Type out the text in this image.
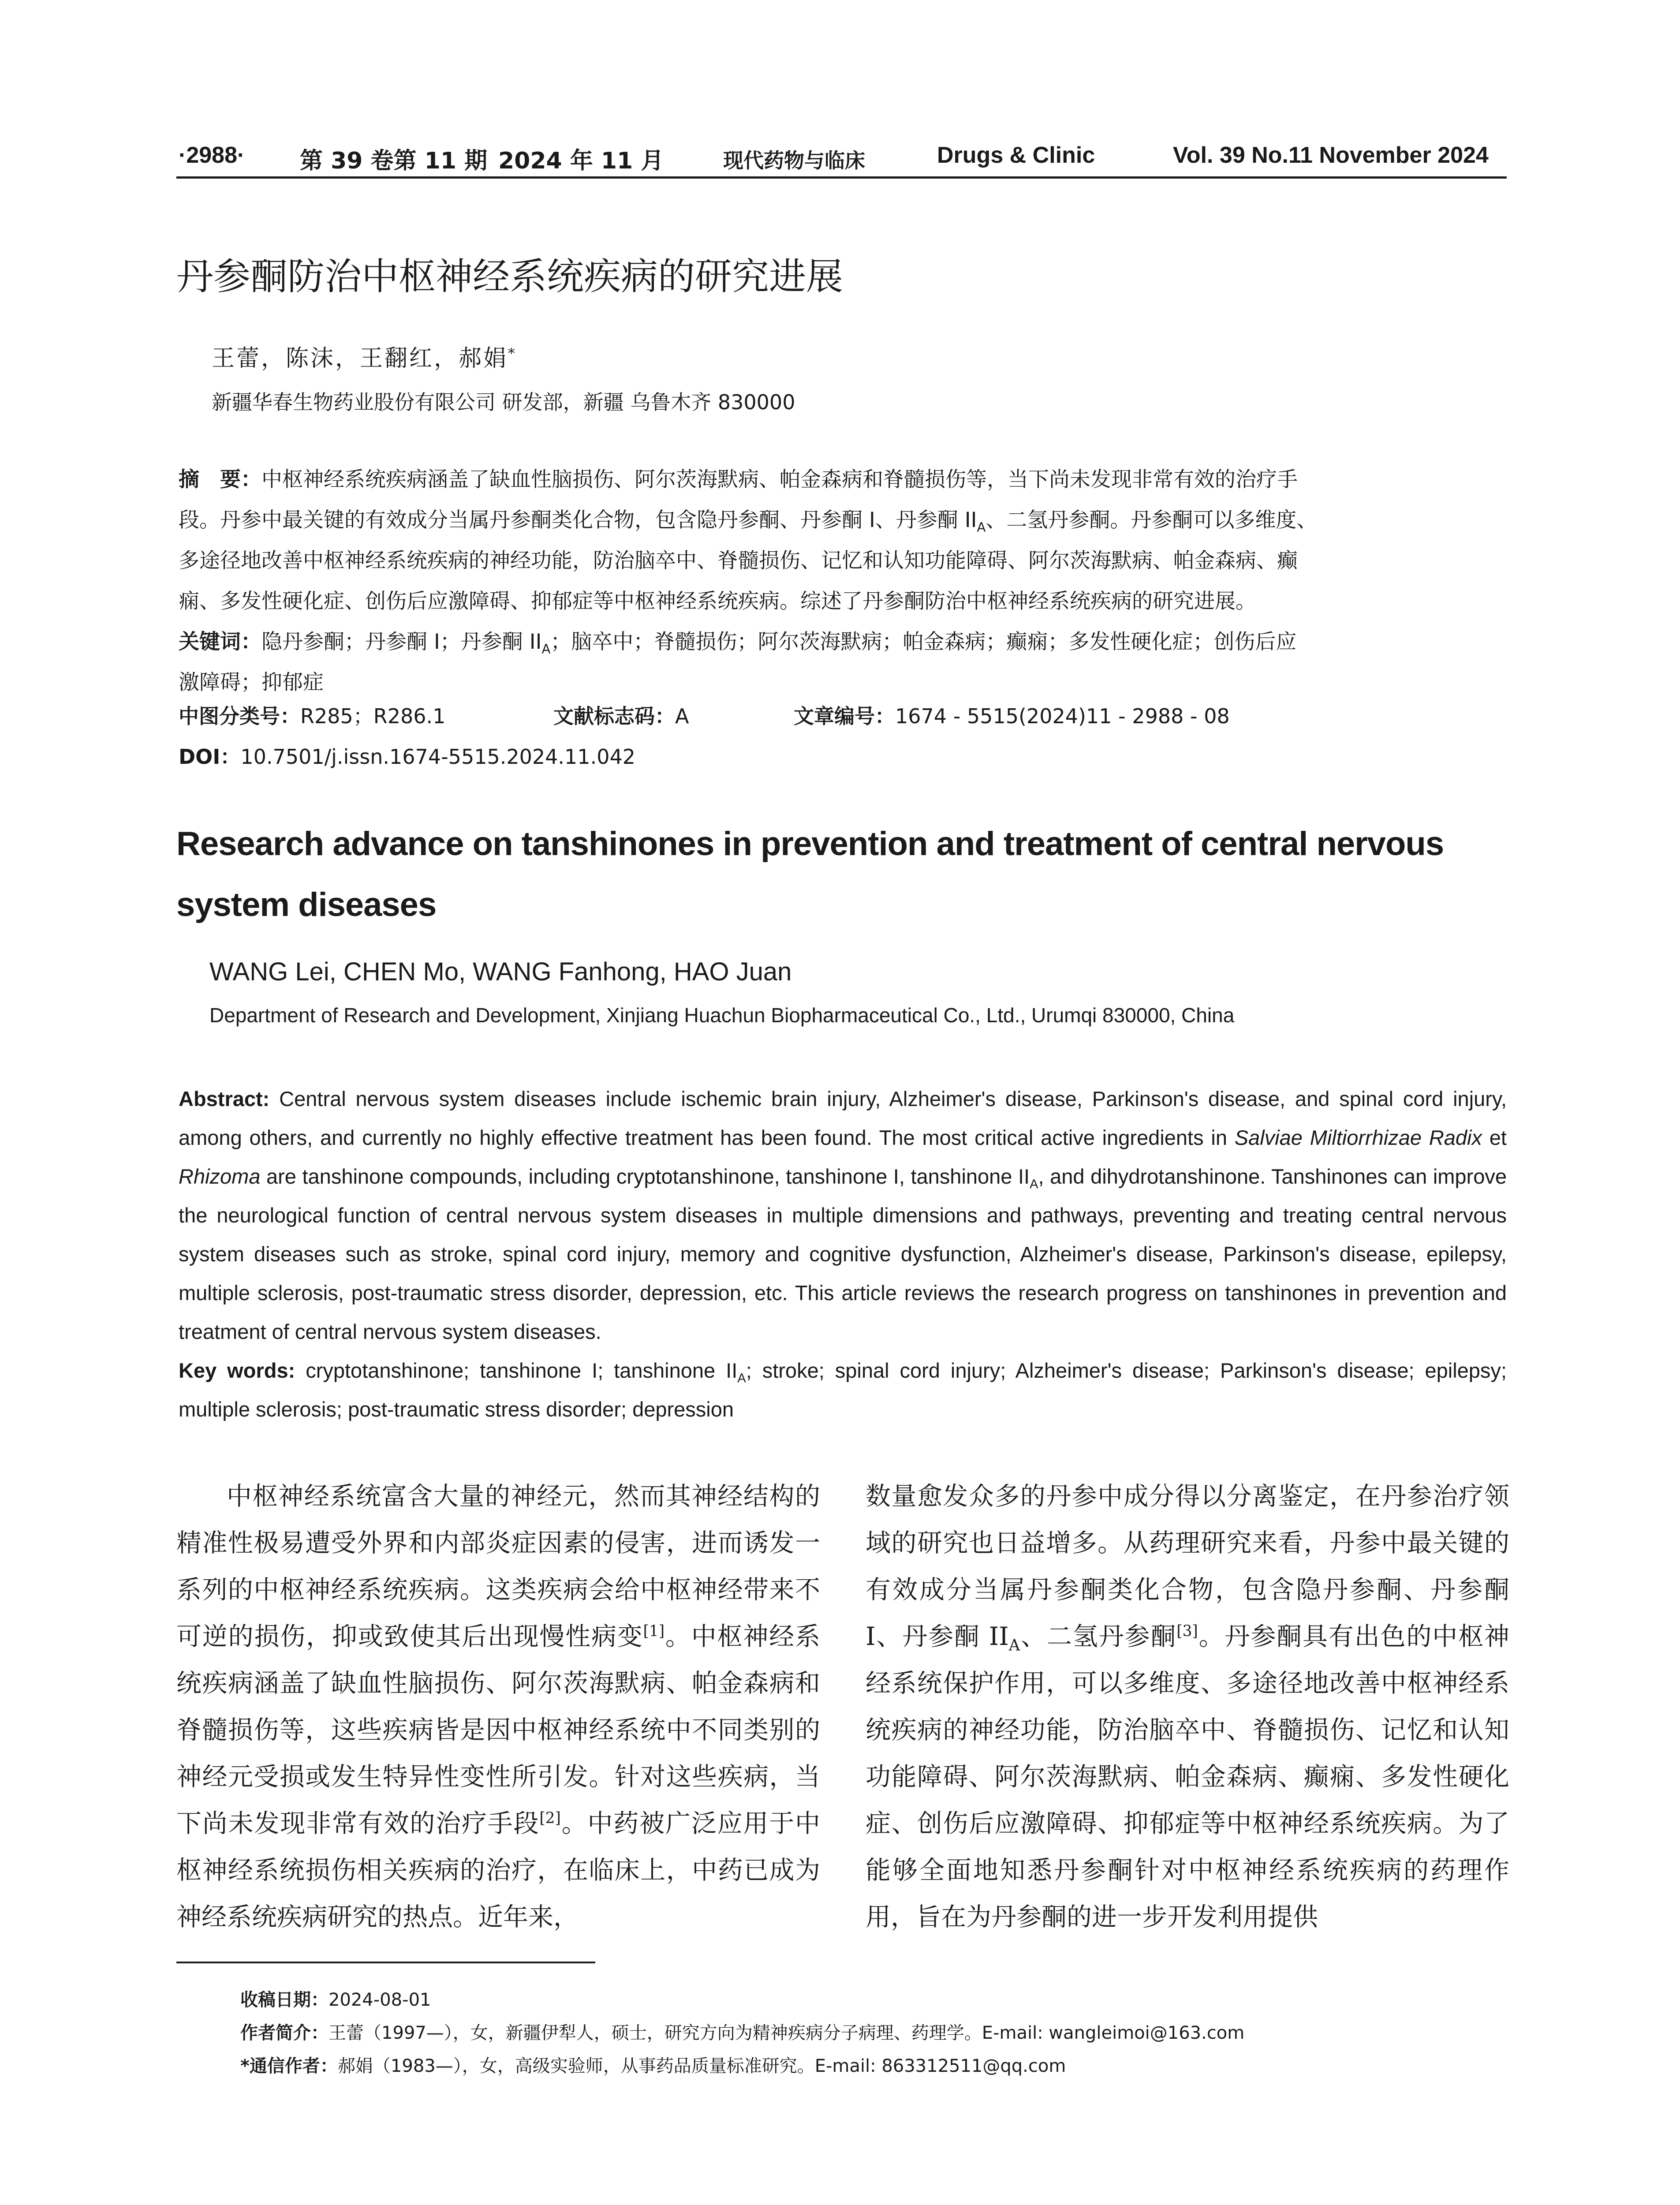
·2988· 第 39 卷第 11 期 2024 年 11 月	现代药物与临床	Drugs & Clinic	Vol. 39 No.11 November 2024
丹参酮防治中枢神经系统疾病的研究进展
王蕾，陈沫，王翻红，郝娟*
新疆华春生物药业股份有限公司 研发部，新疆 乌鲁木齐 830000
摘　要：中枢神经系统疾病涵盖了缺血性脑损伤、阿尔茨海默病、帕金森病和脊髓损伤等，当下尚未发现非常有效的治疗手
段。丹参中最关键的有效成分当属丹参酮类化合物，包含隐丹参酮、丹参酮 I、丹参酮 $II_A$、二氢丹参酮。丹参酮可以多维度、
多途径地改善中枢神经系统疾病的神经功能，防治脑卒中、脊髓损伤、记忆和认知功能障碍、阿尔茨海默病、帕金森病、癫
痫、多发性硬化症、创伤后应激障碍、抑郁症等中枢神经系统疾病。综述了丹参酮防治中枢神经系统疾病的研究进展。
关键词：隐丹参酮；丹参酮 I；丹参酮 $II_A$；脑卒中；脊髓损伤；阿尔茨海默病；帕金森病；癫痫；多发性硬化症；创伤后应
激障碍；抑郁症
中图分类号：R285；R286.1	文献标志码：A	文章编号：1674 - 5515(2024)11 - 2988 - 08
DOI：10.7501/j.issn.1674-5515.2024.11.042
Research advance on tanshinones in prevention and treatment of central nervous system diseases
WANG Lei, CHEN Mo, WANG Fanhong, HAO Juan
Department of Research and Development, Xinjiang Huachun Biopharmaceutical Co., Ltd., Urumqi 830000, China
Abstract: Central nervous system diseases include ischemic brain injury, Alzheimer's disease, Parkinson's disease, and spinal cord injury, among others, and currently no highly effective treatment has been found. The most critical active ingredients in Salviae Miltiorrhizae Radix et Rhizoma are tanshinone compounds, including cryptotanshinone, tanshinone I, tanshinone $II_A$, and dihydrotanshinone. Tanshinones can improve the neurological function of central nervous system diseases in multiple dimensions and pathways, preventing and treating central nervous system diseases such as stroke, spinal cord injury, memory and cognitive dysfunction, Alzheimer's disease, Parkinson's disease, epilepsy, multiple sclerosis, post-traumatic stress disorder, depression, etc. This article reviews the research progress on tanshinones in prevention and treatment of central nervous system diseases.
Key words: cryptotanshinone; tanshinone I; tanshinone $II_A$; stroke; spinal cord injury; Alzheimer's disease; Parkinson's disease; epilepsy; multiple sclerosis; post-traumatic stress disorder; depression

中枢神经系统富含大量的神经元，然而其神经结构的精准性极易遭受外界和内部炎症因素的侵害，进而诱发一系列的中枢神经系统疾病。这类疾病会给中枢神经带来不可逆的损伤，抑或致使其后出现慢性病变[1]。中枢神经系统疾病涵盖了缺血性脑损伤、阿尔茨海默病、帕金森病和脊髓损伤等，这些疾病皆是因中枢神经系统中不同类别的神经元受损或发生特异性变性所引发。针对这些疾病，当下尚未发现非常有效的治疗手段[2]。中药被广泛应用于中枢神经系统损伤相关疾病的治疗，在临床上，中药已成为神经系统疾病研究的热点。近年来，

数量愈发众多的丹参中成分得以分离鉴定，在丹参治疗领域的研究也日益增多。从药理研究来看，丹参中最关键的有效成分当属丹参酮类化合物，包含隐丹参酮、丹参酮 I、丹参酮 $II_A$、二氢丹参酮[3]。丹参酮具有出色的中枢神经系统保护作用，可以多维度、多途径地改善中枢神经系统疾病的神经功能，防治脑卒中、脊髓损伤、记忆和认知功能障碍、阿尔茨海默病、帕金森病、癫痫、多发性硬化症、创伤后应激障碍、抑郁症等中枢神经系统疾病。为了能够全面地知悉丹参酮针对中枢神经系统疾病的药理作用，旨在为丹参酮的进一步开发利用提供

收稿日期：2024-08-01
作者简介：王蕾（1997—），女，新疆伊犁人，硕士，研究方向为精神疾病分子病理、药理学。E-mail: wangleimoi@163.com
*通信作者：郝娟（1983—），女，高级实验师，从事药品质量标准研究。E-mail: 863312511@qq.com
